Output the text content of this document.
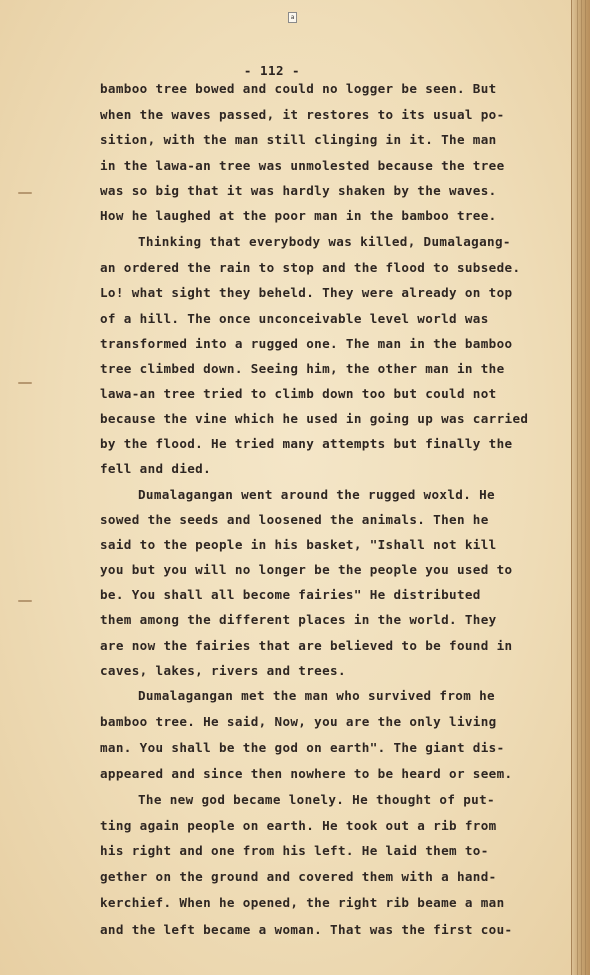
a
- 112 -
bamboo tree bowed and could no logger be seen. But
when the waves passed, it restores to its usual po-
sition, with the man still clinging in it. The man
in the lawa-an tree was unmolested because the tree
was so big that it was hardly shaken by the waves.
How he laughed at the poor man in the bamboo tree.
Thinking that everybody was killed, Dumalagang-
an ordered the rain to stop and the flood to subsede.
Lo! what sight they beheld. They were already on top
of a hill. The once unconceivable level world was
transformed into a rugged one. The man in the bamboo
tree climbed down. Seeing him, the other man in the
lawa-an tree tried to climb down too but could not
because the vine which he used in going up was carried
by the flood. He tried many attempts but finally the
fell and died.
Dumalagangan went around the rugged woxld. He
sowed the seeds and loosened the animals. Then he
said to the people in his basket, "Ishall not kill
you but you will no longer be the people you used to
be. You shall all become fairies" He distributed
them among the different places in the world. They
are now the fairies that are believed to be found in
caves, lakes, rivers and trees.
Dumalagangan met the man who survived from he
bamboo tree. He said, Now, you are the only living
man. You shall be the god on earth". The giant dis-
appeared and since then nowhere to be heard or seem.
The new god became lonely. He thought of put-
ting again people on earth. He took out a rib from
his right and one from his left. He laid them to-
gether on the ground and covered them with a hand-
kerchief. When he opened, the right rib beame a man
and the left became a woman. That was the first cou-
